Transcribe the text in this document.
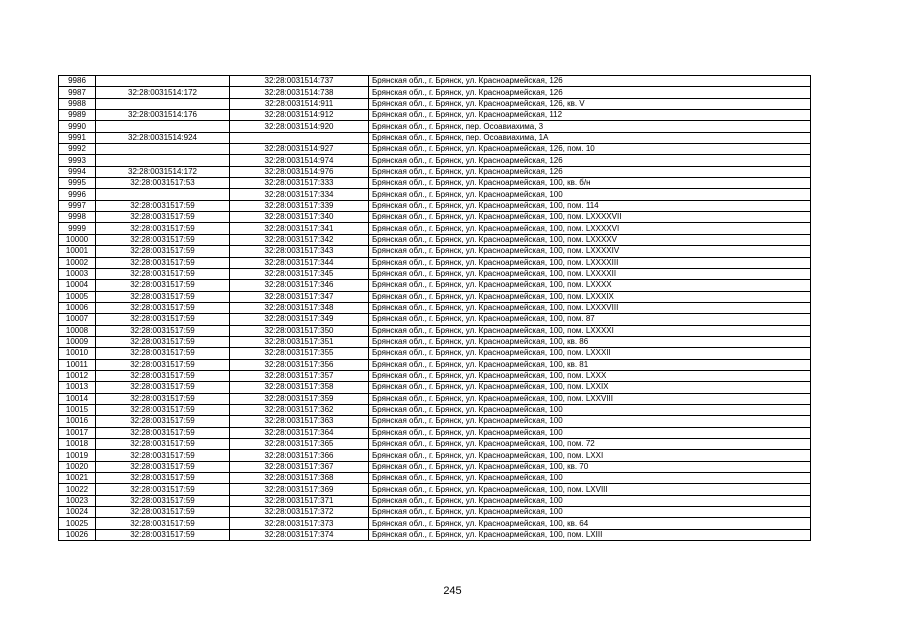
9986		32:28:0031514:737	Брянская обл., г. Брянск, ул. Красноармейская, 126
9987	32:28:0031514:172	32:28:0031514:738	Брянская обл., г. Брянск, ул. Красноармейская, 126
9988		32:28:0031514:911	Брянская обл., г. Брянск, ул. Красноармейская, 126, кв. V
9989	32:28:0031514:176	32:28:0031514:912	Брянская обл., г. Брянск, ул. Красноармейская, 112
9990		32:28:0031514:920	Брянская обл., г. Брянск, пер. Осоавиахима, 3
9991	32:28:0031514:924		Брянская обл., г. Брянск, пер. Осоавиахима, 1А
9992		32:28:0031514:927	Брянская обл., г. Брянск, ул. Красноармейская, 126, пом. 10
9993		32:28:0031514:974	Брянская обл., г. Брянск, ул. Красноармейская, 126
9994	32:28:0031514:172	32:28:0031514:976	Брянская обл., г. Брянск, ул. Красноармейская, 126
9995	32:28:0031517:53	32:28:0031517:333	Брянская обл., г. Брянск, ул. Красноармейская, 100, кв. б/н
9996		32:28:0031517:334	Брянская обл., г. Брянск, ул. Красноармейская, 100
9997	32:28:0031517:59	32:28:0031517:339	Брянская обл., г. Брянск, ул. Красноармейская, 100, пом. 114
9998	32:28:0031517:59	32:28:0031517:340	Брянская обл., г. Брянск, ул. Красноармейская, 100, пом. LXXXXVII
9999	32:28:0031517:59	32:28:0031517:341	Брянская обл., г. Брянск, ул. Красноармейская, 100, пом. LXXXXVI
10000	32:28:0031517:59	32:28:0031517:342	Брянская обл., г. Брянск, ул. Красноармейская, 100, пом. LXXXXV
10001	32:28:0031517:59	32:28:0031517:343	Брянская обл., г. Брянск, ул. Красноармейская, 100, пом. LXXXXIV
10002	32:28:0031517:59	32:28:0031517:344	Брянская обл., г. Брянск, ул. Красноармейская, 100, пом. LXXXXIII
10003	32:28:0031517:59	32:28:0031517:345	Брянская обл., г. Брянск, ул. Красноармейская, 100, пом. LXXXXII
10004	32:28:0031517:59	32:28:0031517:346	Брянская обл., г. Брянск, ул. Красноармейская, 100, пом. LXXXX
10005	32:28:0031517:59	32:28:0031517:347	Брянская обл., г. Брянск, ул. Красноармейская, 100, пом. LXXXIX
10006	32:28:0031517:59	32:28:0031517:348	Брянская обл., г. Брянск, ул. Красноармейская, 100, пом. LXXXVIII
10007	32:28:0031517:59	32:28:0031517:349	Брянская обл., г. Брянск, ул. Красноармейская, 100, пом. 87
10008	32:28:0031517:59	32:28:0031517:350	Брянская обл., г. Брянск, ул. Красноармейская, 100, пом. LXXXXI
10009	32:28:0031517:59	32:28:0031517:351	Брянская обл., г. Брянск, ул. Красноармейская, 100, кв. 86
10010	32:28:0031517:59	32:28:0031517:355	Брянская обл., г. Брянск, ул. Красноармейская, 100, пом. LXXXII
10011	32:28:0031517:59	32:28:0031517:356	Брянская обл., г. Брянск, ул. Красноармейская, 100, кв. 81
10012	32:28:0031517:59	32:28:0031517:357	Брянская обл., г. Брянск, ул. Красноармейская, 100, пом. LXXX
10013	32:28:0031517:59	32:28:0031517:358	Брянская обл., г. Брянск, ул. Красноармейская, 100, пом. LXXIX
10014	32:28:0031517:59	32:28:0031517:359	Брянская обл., г. Брянск, ул. Красноармейская, 100, пом. LXXVIII
10015	32:28:0031517:59	32:28:0031517:362	Брянская обл., г. Брянск, ул. Красноармейская, 100
10016	32:28:0031517:59	32:28:0031517:363	Брянская обл., г. Брянск, ул. Красноармейская, 100
10017	32:28:0031517:59	32:28:0031517:364	Брянская обл., г. Брянск, ул. Красноармейская, 100
10018	32:28:0031517:59	32:28:0031517:365	Брянская обл., г. Брянск, ул. Красноармейская, 100, пом. 72
10019	32:28:0031517:59	32:28:0031517:366	Брянская обл., г. Брянск, ул. Красноармейская, 100, пом. LXXI
10020	32:28:0031517:59	32:28:0031517:367	Брянская обл., г. Брянск, ул. Красноармейская, 100, кв. 70
10021	32:28:0031517:59	32:28:0031517:368	Брянская обл., г. Брянск, ул. Красноармейская, 100
10022	32:28:0031517:59	32:28:0031517:369	Брянская обл., г. Брянск, ул. Красноармейская, 100, пом. LXVIII
10023	32:28:0031517:59	32:28:0031517:371	Брянская обл., г. Брянск, ул. Красноармейская, 100
10024	32:28:0031517:59	32:28:0031517:372	Брянская обл., г. Брянск, ул. Красноармейская, 100
10025	32:28:0031517:59	32:28:0031517:373	Брянская обл., г. Брянск, ул. Красноармейская, 100, кв. 64
10026	32:28:0031517:59	32:28:0031517:374	Брянская обл., г. Брянск, ул. Красноармейская, 100, пом. LXIII
245
